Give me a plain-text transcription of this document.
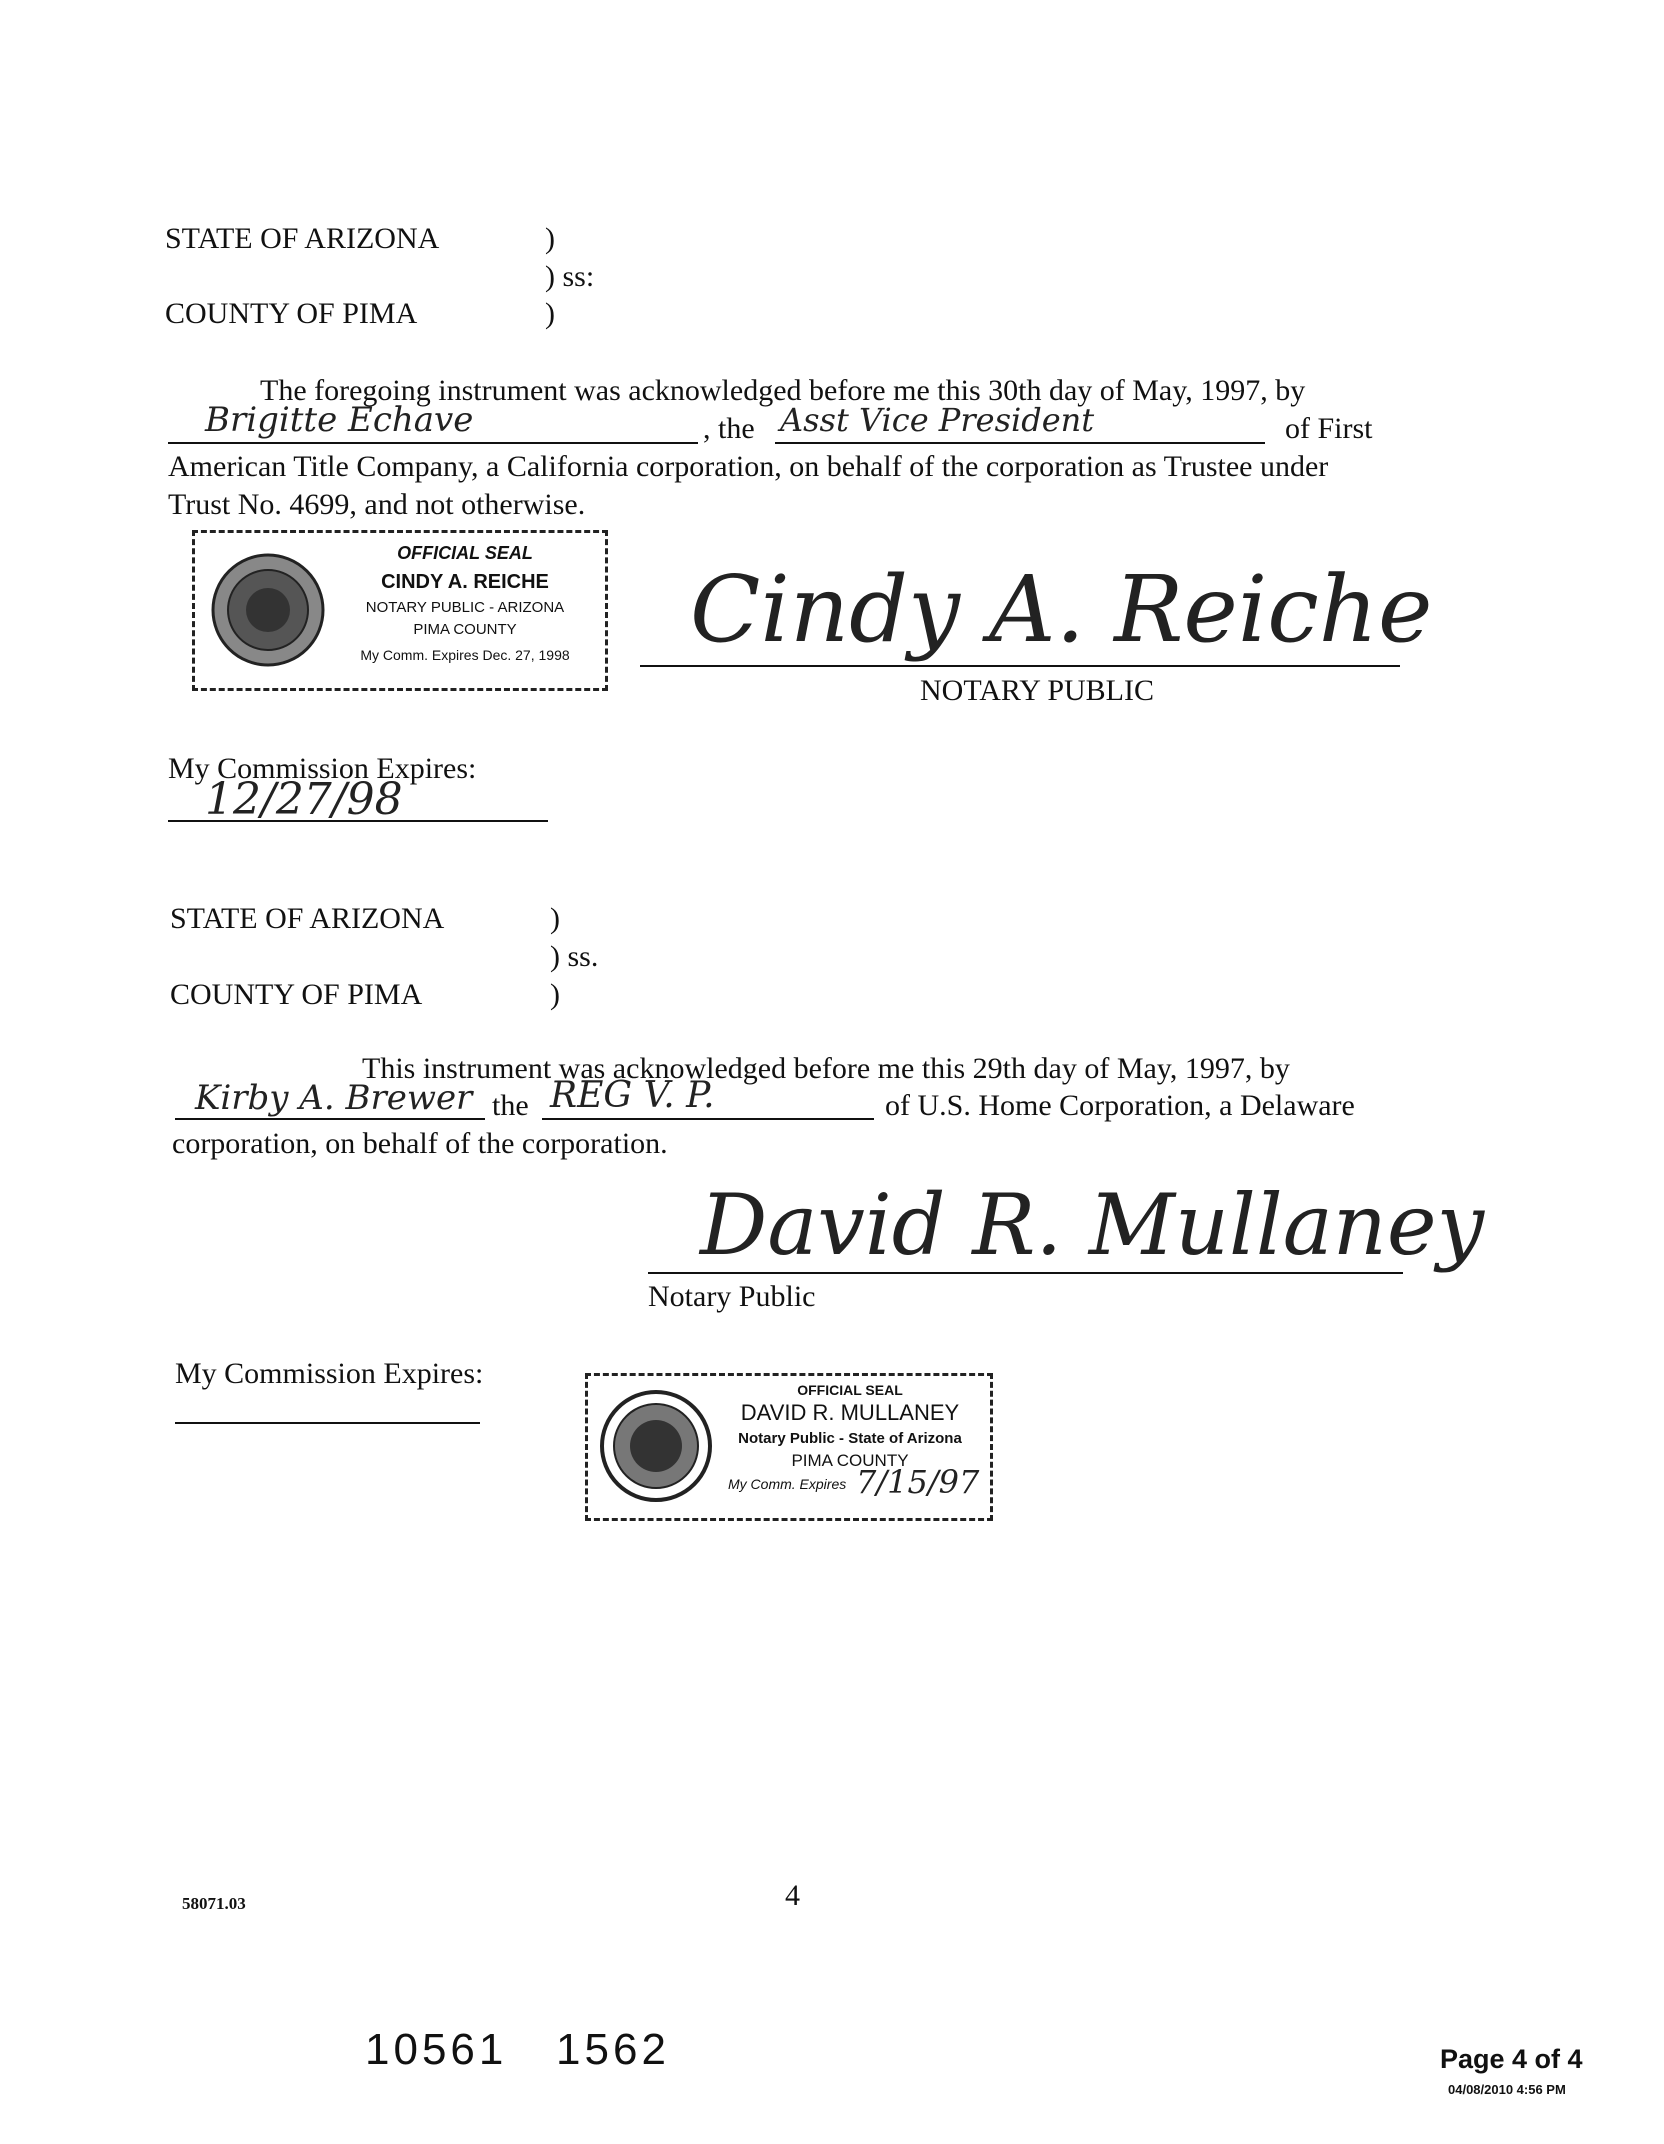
STATE OF ARIZONA	)
) ss:
COUNTY OF PIMA	)
The foregoing instrument was acknowledged before me this 30th day of May, 1997, by
Brigitte Echave	, the Asst Vice President	of First
American Title Company, a California corporation, on behalf of the corporation as Trustee under
Trust No. 4699, and not otherwise.
OFFICIAL SEAL
CINDY A. REICHE
NOTARY PUBLIC - ARIZONA
PIMA COUNTY
My Comm. Expires Dec. 27, 1998 Cindy A. Reiche
NOTARY PUBLIC
My Commission Expires:
12/27/98
STATE OF ARIZONA	)
) ss.
COUNTY OF PIMA	)
This instrument was acknowledged before me this 29th day of May, 1997, by
Kirby A. Brewer the REG V. P.	of U.S. Home Corporation, a Delaware
corporation, on behalf of the corporation.
David R. Mullaney
Notary Public
My Commission Expires:	OFFICIAL SEAL
DAVID R. MULLANEY
Notary Public - State of Arizona
PIMA COUNTY
My Comm. Expires 7/15/97
58071.03	4
10561   1562	Page 4 of 4
04/08/2010 4:56 PM
